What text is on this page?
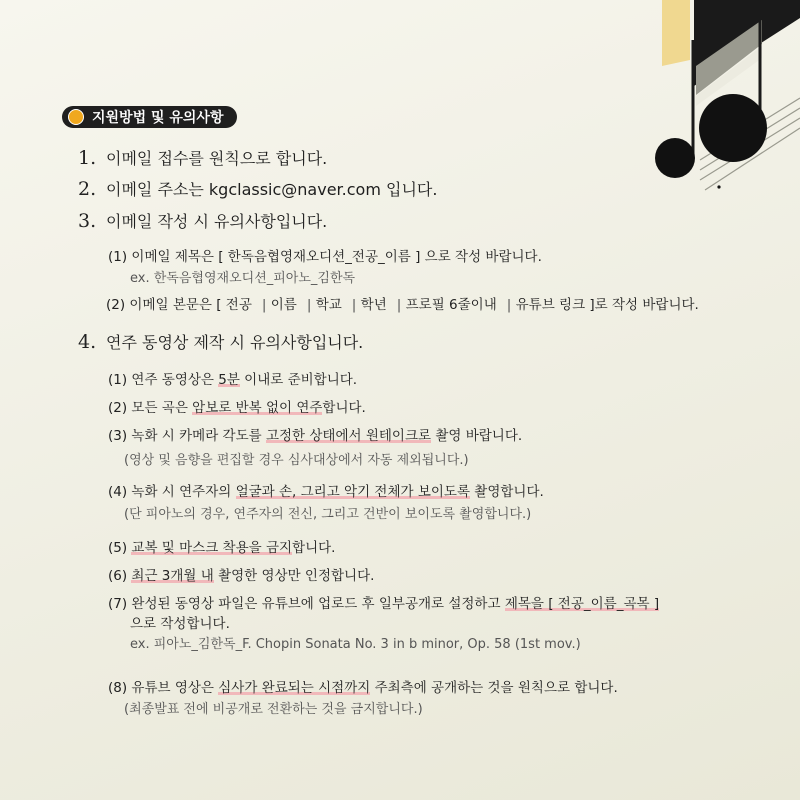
지원방법 및 유의사항
1. 이메일 접수를 원칙으로 합니다.
2. 이메일 주소는 kgclassic@naver.com 입니다.
3. 이메일 작성 시 유의사항입니다.
(1) 이메일 제목은 [ 한독음협영재오디션_전공_이름 ] 으로 작성 바랍니다.
ex. 한독음협영재오디션_피아노_김한독
(2) 이메일 본문은 [ 전공 | 이름 | 학교 | 학년 | 프로필 6줄이내 | 유튜브 링크 ]로 작성 바랍니다.
4. 연주 동영상 제작 시 유의사항입니다.
(1) 연주 동영상은 5분 이내로 준비합니다.
(2) 모든 곡은 암보로 반복 없이 연주합니다.
(3) 녹화 시 카메라 각도를 고정한 상태에서 원테이크로 촬영 바랍니다.
(영상 및 음향을 편집할 경우 심사대상에서 자동 제외됩니다.)
(4) 녹화 시 연주자의 얼굴과 손, 그리고 악기 전체가 보이도록 촬영합니다.
(단 피아노의 경우, 연주자의 전신, 그리고 건반이 보이도록 촬영합니다.)
(5) 교복 및 마스크 착용을 금지합니다.
(6) 최근 3개월 내 촬영한 영상만 인정합니다.
(7) 완성된 동영상 파일은 유튜브에 업로드 후 일부공개로 설정하고 제목을 [ 전공_이름_곡목 ]
으로 작성합니다.
ex. 피아노_김한독_F. Chopin Sonata No. 3 in b minor, Op. 58 (1st mov.)
(8) 유튜브 영상은 심사가 완료되는 시점까지 주최측에 공개하는 것을 원칙으로 합니다.
(최종발표 전에 비공개로 전환하는 것을 금지합니다.)
